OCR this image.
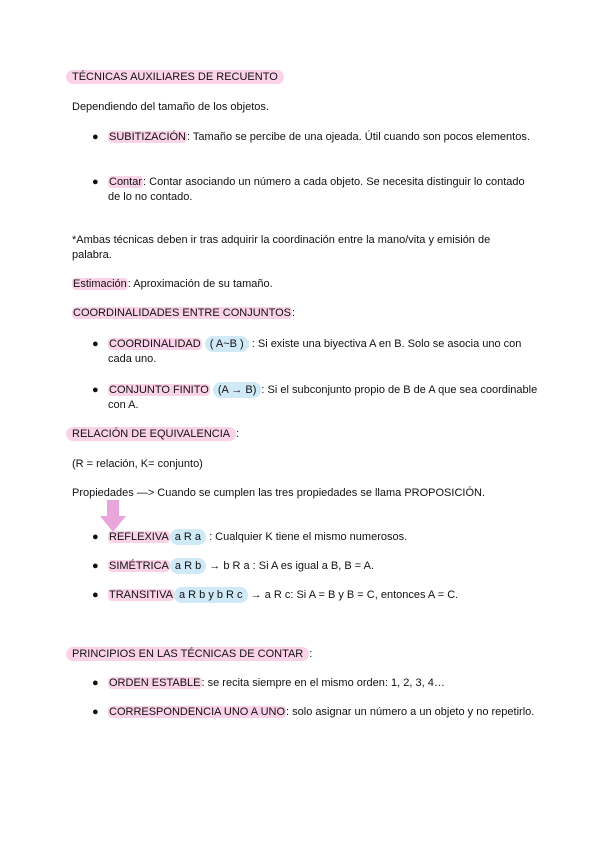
TÉCNICAS AUXILIARES DE RECUENTO
Dependiendo del tamaño de los objetos.
● SUBITIZACIÓN: Tamaño se percibe de una ojeada. Útil cuando son pocos elementos.
● Contar: Contar asociando un número a cada objeto. Se necesita distinguir lo contado de lo no contado.
*Ambas técnicas deben ir tras adquirir la coordinación entre la mano/vita y emisión de palabra.
Estimación: Aproximación de su tamaño.
COORDINALIDADES ENTRE CONJUNTOS:
● COORDINALIDAD ( A~B ) : Si existe una biyectiva A en B. Solo se asocia uno con cada uno.
● CONJUNTO FINITO (A → B) : Si el subconjunto propio de B de A que sea coordinable con A.
RELACIÓN DE EQUIVALENCIA :
(R = relación, K= conjunto)
Propiedades —> Cuando se cumplen las tres propiedades se llama PROPOSICIÓN.
● REFLEXIVA a R a : Cualquier K tiene el mismo numerosos.
● SIMÉTRICA a R b → b R a : Si A es igual a B, B = A.
● TRANSITIVA a R b y b R c → a R c: Si A = B y B = C, entonces A = C.
PRINCIPIOS EN LAS TÉCNICAS DE CONTAR :
● ORDEN ESTABLE: se recita siempre en el mismo orden: 1, 2, 3, 4…
● CORRESPONDENCIA UNO A UNO: solo asignar un número a un objeto y no repetirlo.
